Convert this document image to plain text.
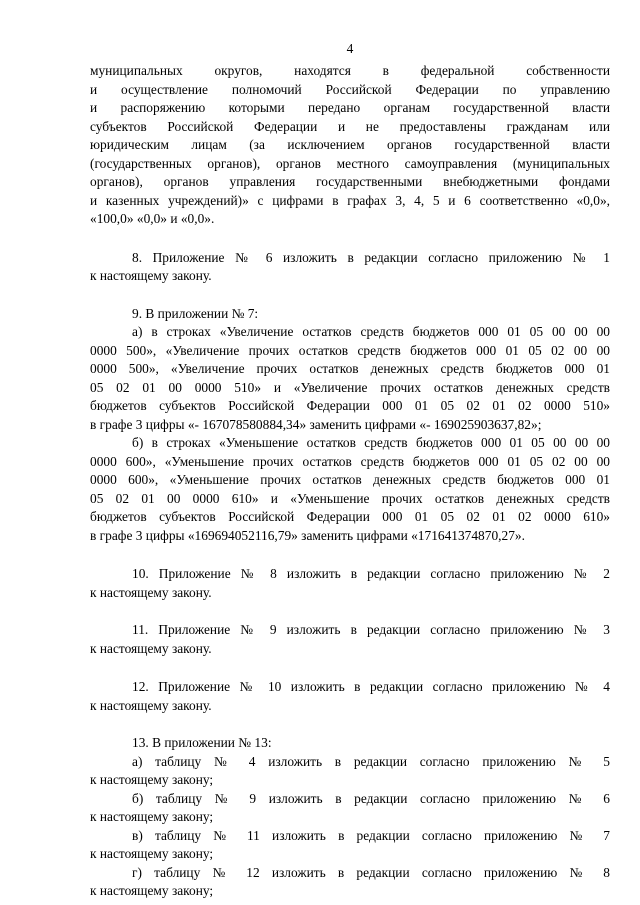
4
муниципальных округов, находятся в федеральной собственности
и осуществление полномочий Российской Федерации по управлению
и распоряжению которыми передано органам государственной власти
субъектов Российской Федерации и не предоставлены гражданам или
юридическим лицам (за исключением органов государственной власти
(государственных органов), органов местного самоуправления (муниципальных
органов), органов управления государственными внебюджетными фондами
и казенных учреждений)» с цифрами в графах 3, 4, 5 и 6 соответственно «0,0»,
«100,0» «0,0» и «0,0».
8. Приложение № 6 изложить в редакции согласно приложению № 1
к настоящему закону.
9. В приложении № 7:
а) в строках «Увеличение остатков средств бюджетов 000 01 05 00 00 00
0000 500», «Увеличение прочих остатков средств бюджетов 000 01 05 02 00 00
0000 500», «Увеличение прочих остатков денежных средств бюджетов 000 01
05 02 01 00 0000 510» и «Увеличение прочих остатков денежных средств
бюджетов субъектов Российской Федерации 000 01 05 02 01 02 0000 510»
в графе 3 цифры «- 167078580884,34» заменить цифрами «- 169025903637,82»;
б) в строках «Уменьшение остатков средств бюджетов 000 01 05 00 00 00
0000 600», «Уменьшение прочих остатков средств бюджетов 000 01 05 02 00 00
0000 600», «Уменьшение прочих остатков денежных средств бюджетов 000 01
05 02 01 00 0000 610» и «Уменьшение прочих остатков денежных средств
бюджетов субъектов Российской Федерации 000 01 05 02 01 02 0000 610»
в графе 3 цифры «169694052116,79» заменить цифрами «171641374870,27».
10. Приложение № 8 изложить в редакции согласно приложению № 2
к настоящему закону.
11. Приложение № 9 изложить в редакции согласно приложению № 3
к настоящему закону.
12. Приложение № 10 изложить в редакции согласно приложению № 4
к настоящему закону.
13. В приложении № 13:
а) таблицу № 4 изложить в редакции согласно приложению № 5
к настоящему закону;
б) таблицу № 9 изложить в редакции согласно приложению № 6
к настоящему закону;
в) таблицу № 11 изложить в редакции согласно приложению № 7
к настоящему закону;
г) таблицу № 12 изложить в редакции согласно приложению № 8
к настоящему закону;
